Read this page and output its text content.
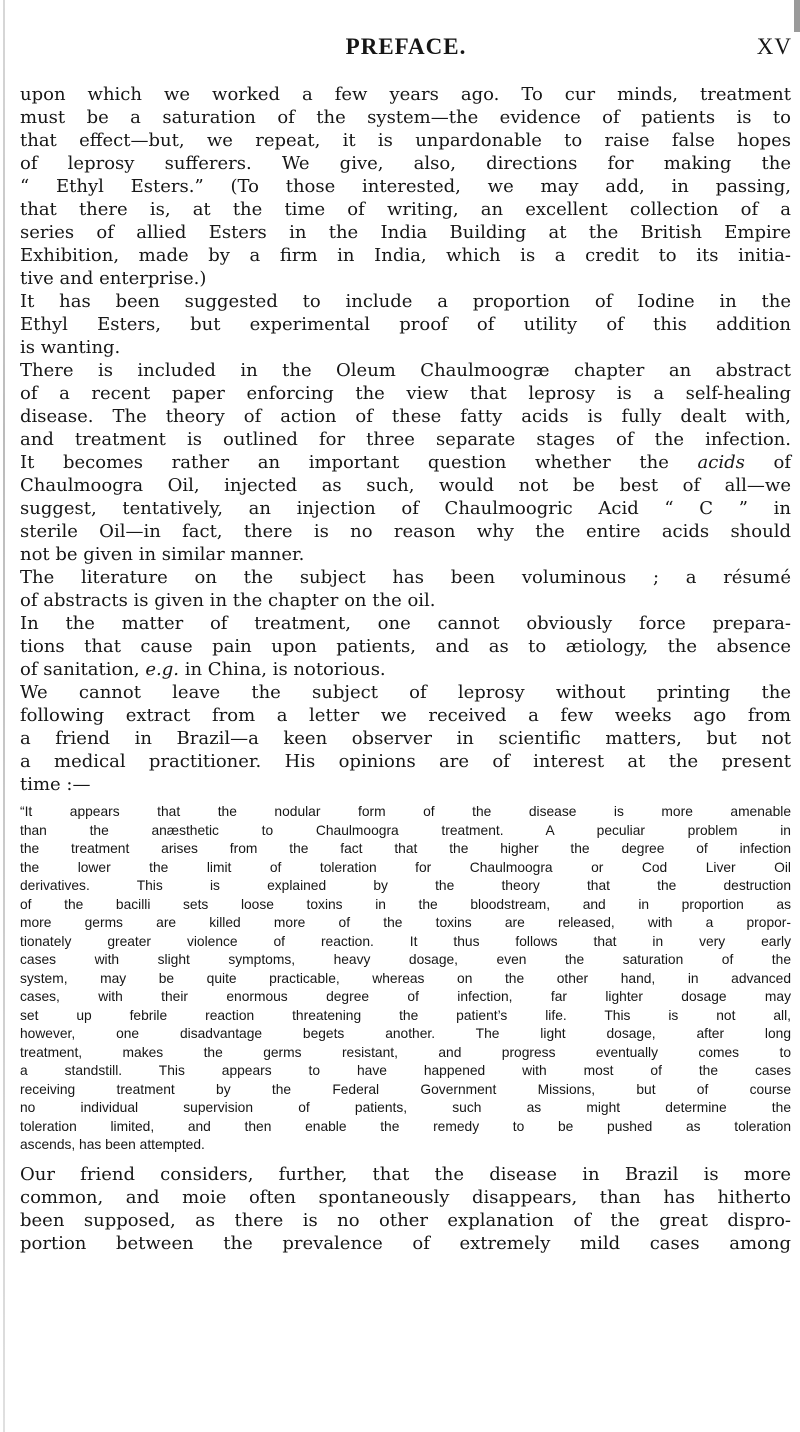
PREFACE.	XV
upon which we worked a few years ago. To cur minds, treatment
must be a saturation of the system—the evidence of patients is to
that effect—but, we repeat, it is unpardonable to raise false hopes
of leprosy sufferers. We give, also, directions for making the
“ Ethyl Esters.” (To those interested, we may add, in passing,
that there is, at the time of writing, an excellent collection of a
series of allied Esters in the India Building at the British Empire
Exhibition, made by a firm in India, which is a credit to its initia-
tive and enterprise.)
It has been suggested to include a proportion of Iodine in the
Ethyl Esters, but experimental proof of utility of this addition
is wanting.
There is included in the Oleum Chaulmoogræ chapter an abstract
of a recent paper enforcing the view that leprosy is a self-healing
disease. The theory of action of these fatty acids is fully dealt with,
and treatment is outlined for three separate stages of the infection.
It becomes rather an important question whether the acids of
Chaulmoogra Oil, injected as such, would not be best of all—we
suggest, tentatively, an injection of Chaulmoogric Acid “ C ” in
sterile Oil—in fact, there is no reason why the entire acids should
not be given in similar manner.
The literature on the subject has been voluminous ; a résumé
of abstracts is given in the chapter on the oil.
In the matter of treatment, one cannot obviously force prepara-
tions that cause pain upon patients, and as to ætiology, the absence
of sanitation, e.g. in China, is notorious.
We cannot leave the subject of leprosy without printing the
following extract from a letter we received a few weeks ago from
a friend in Brazil—a keen observer in scientific matters, but not
a medical practitioner. His opinions are of interest at the present
time :—
“It appears that the nodular form of the disease is more amenable
than the anæsthetic to Chaulmoogra treatment. A peculiar problem in
the treatment arises from the fact that the higher the degree of infection
the lower the limit of toleration for Chaulmoogra or Cod Liver Oil
derivatives. This is explained by the theory that the destruction
of the bacilli sets loose toxins in the bloodstream, and in proportion as
more germs are killed more of the toxins are released, with a propor-
tionately greater violence of reaction. It thus follows that in very early
cases with slight symptoms, heavy dosage, even the saturation of the
system, may be quite practicable, whereas on the other hand, in advanced
cases, with their enormous degree of infection, far lighter dosage may
set up febrile reaction threatening the patient’s life. This is not all,
however, one disadvantage begets another. The light dosage, after long
treatment, makes the germs resistant, and progress eventually comes to
a standstill. This appears to have happened with most of the cases
receiving treatment by the Federal Government Missions, but of course
no individual supervision of patients, such as might determine the
toleration limited, and then enable the remedy to be pushed as toleration
ascends, has been attempted.
Our friend considers, further, that the disease in Brazil is more
common, and moie often spontaneously disappears, than has hitherto
been supposed, as there is no other explanation of the great dispro-
portion between the prevalence of extremely mild cases among
